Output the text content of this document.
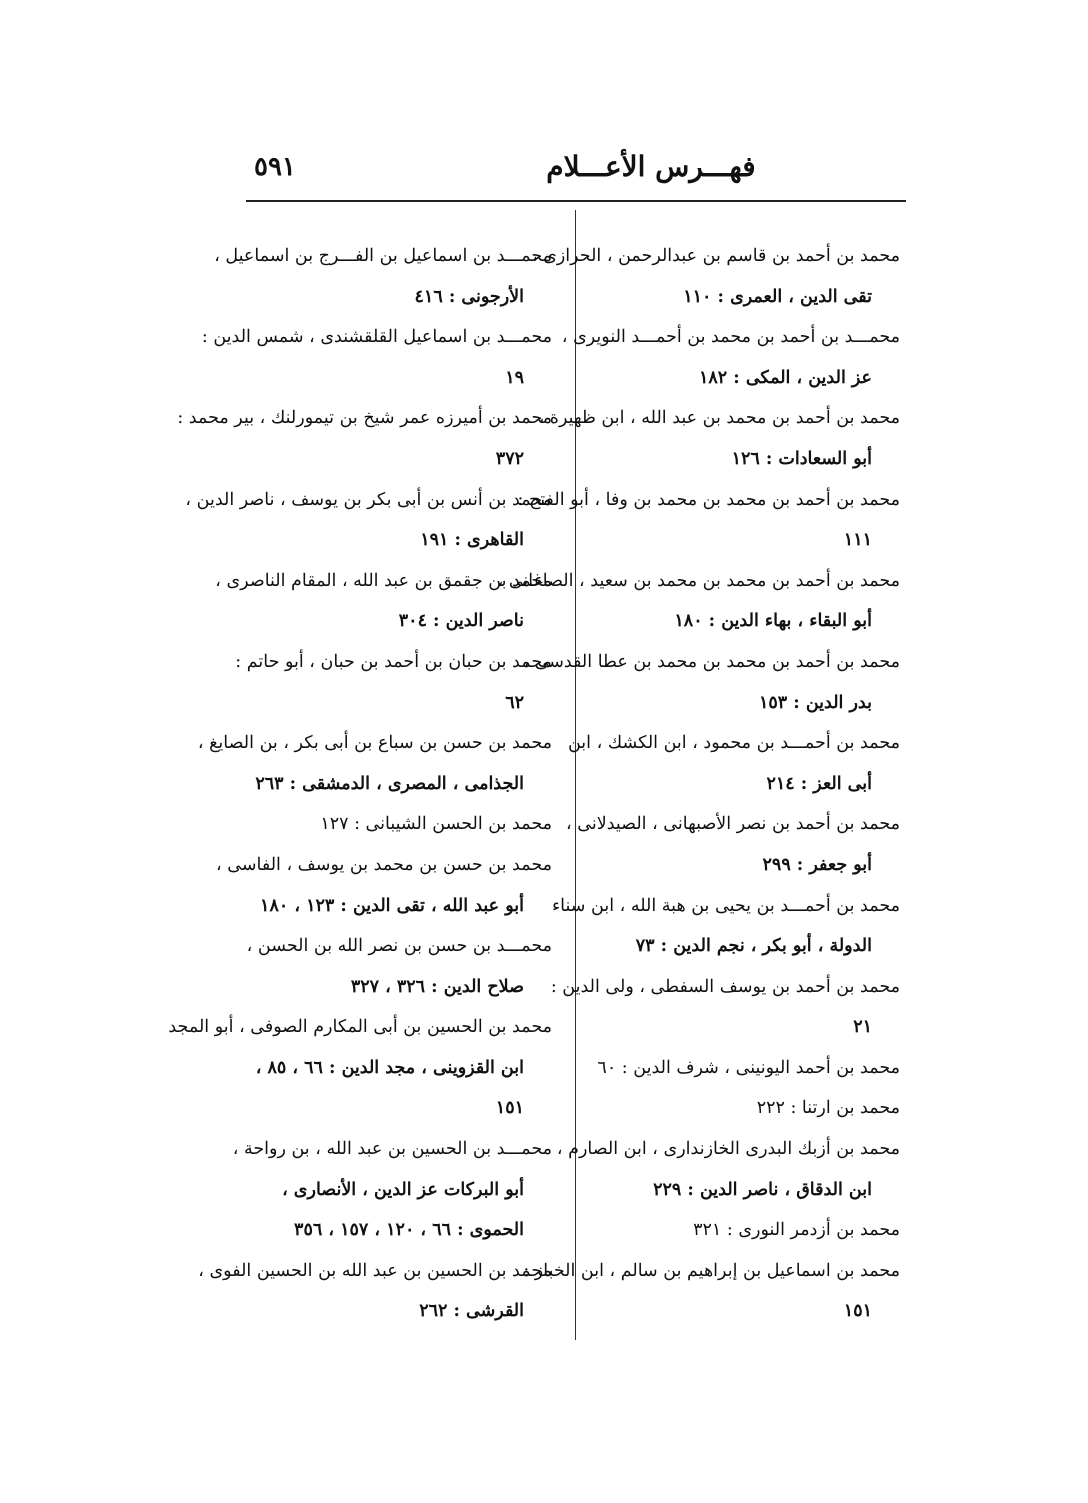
٥٩١	فهـــرس الأعـــلام
محمد بن أحمد بن قاسم بن عبدالرحمن ، الحرازى ،
تقى الدين ، العمرى : ١١٠
محمـــد بن أحمد بن محمد بن أحمـــد النويرى ،
عز الدين ، المكى : ١٨٢
محمد بن أحمد بن محمد بن عبد الله ، ابن ظهيرة ،
أبو السعادات : ١٢٦
محمد بن أحمد بن محمد بن محمد بن وفا ، أبو الفتح :
١١١
محمد بن أحمد بن محمد بن محمد بن سعيد ، الصاغانى ،
أبو البقاء ، بهاء الدين : ١٨٠
محمد بن أحمد بن محمد بن محمد بن عطا القدسى ،
بدر الدين : ١٥٣
محمد بن أحمـــد بن محمود ، ابن الكشك ، ابن
أبى العز : ٢١٤
محمد بن أحمد بن نصر الأصبهانى ، الصيدلانى ،
أبو جعفر : ٢٩٩
محمد بن أحمـــد بن يحيى بن هبة الله ، ابن سناء
الدولة ، أبو بكر ، نجم الدين : ٧٣
محمد بن أحمد بن يوسف السفطى ، ولى الدين :
٢١
محمد بن أحمد اليونينى ، شرف الدين : ٦٠
محمد بن ارتنا : ٢٢٢
محمد بن أزبك البدرى الخازندارى ، ابن الصارم ،
ابن الدقاق ، ناصر الدين : ٢٢٩
محمد بن أزدمر النورى : ٣٢١
محمد بن اسماعيل بن إبراهيم بن سالم ، ابن الخباز :
١٥١
محمـــد بن اسماعيل بن الفـــرج بن اسماعيل ،
الأرجونى : ٤١٦
محمـــد بن اسماعيل القلقشندى ، شمس الدين :
١٩
محمد بن أميرزه عمر شيخ بن تيمورلنك ، بير محمد :
٣٧٢
محمد بن أنس بن أبى بكر بن يوسف ، ناصر الدين ،
القاهرى : ١٩١
محمد بن جقمق بن عبد الله ، المقام الناصرى ،
ناصر الدين : ٣٠٤
محمد بن حبان بن أحمد بن حبان ، أبو حاتم :
٦٢
محمد بن حسن بن سباع بن أبى بكر ، بن الصايغ ،
الجذامى ، المصرى ، الدمشقى : ٢٦٣
محمد بن الحسن الشيبانى : ١٢٧
محمد بن حسن بن محمد بن يوسف ، الفاسى ،
أبو عبد الله ، تقى الدين : ١٢٣ ، ١٨٠
محمـــد بن حسن بن نصر الله بن الحسن ،
صلاح الدين : ٣٢٦ ، ٣٢٧
محمد بن الحسين بن أبى المكارم الصوفى ، أبو المجد
ابن القزوينى ، مجد الدين : ٦٦ ، ٨٥ ،
١٥١
محمـــد بن الحسين بن عبد الله ، بن رواحة ،
أبو البركات عز الدين ، الأنصارى ،
الحموى : ٦٦ ، ١٢٠ ، ١٥٧ ، ٣٥٦
محمد بن الحسين بن عبد الله بن الحسين الفوى ،
القرشى : ٢٦٢
